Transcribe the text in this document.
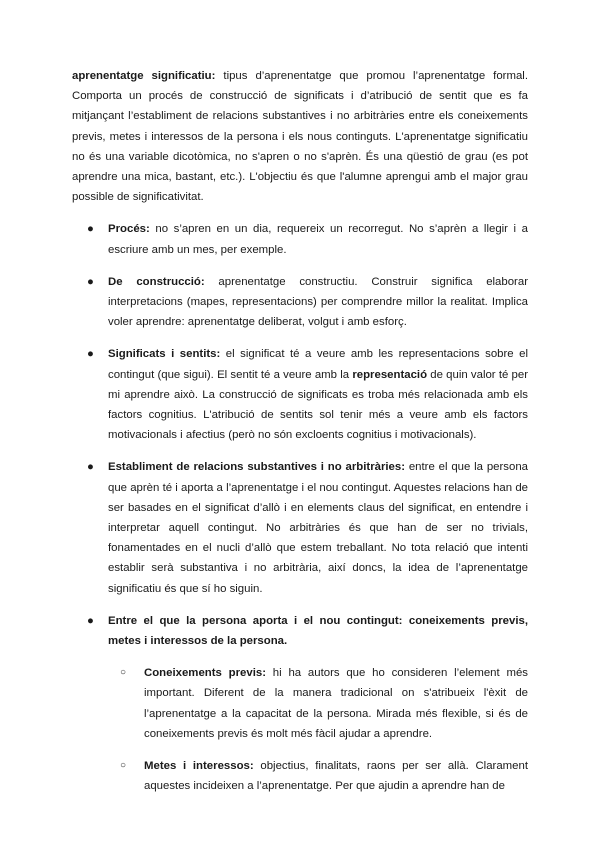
aprenentatge significatiu: tipus d’aprenentatge que promou l’aprenentatge formal. Comporta un procés de construcció de significats i d’atribució de sentit que es fa mitjançant l’establiment de relacions substantives i no arbitràries entre els coneixements previs, metes i interessos de la persona i els nous continguts. L'aprenentatge significatiu no és una variable dicotòmica, no s'apren o no s'aprèn. És una qüestió de grau (es pot aprendre una mica, bastant, etc.). L'objectiu és que l'alumne aprengui amb el major grau possible de significativitat.

● Procés: no s’apren en un dia, requereix un recorregut. No s’aprèn a llegir i a escriure amb un mes, per exemple.
● De construcció: aprenentatge constructiu. Construir significa elaborar interpretacions (mapes, representacions) per comprendre millor la realitat. Implica voler aprendre: aprenentatge deliberat, volgut i amb esforç.
● Significats i sentits: el significat té a veure amb les representacions sobre el contingut (que sigui). El sentit té a veure amb la representació de quin valor té per mi aprendre això. La construcció de significats es troba més relacionada amb els factors cognitius. L'atribució de sentits sol tenir més a veure amb els factors motivacionals i afectius (però no són excloents cognitius i motivacionals).
● Establiment de relacions substantives i no arbitràries: entre el que la persona que aprèn té i aporta a l’aprenentatge i el nou contingut. Aquestes relacions han de ser basades en el significat d’allò i en elements claus del significat, en entendre i interpretar aquell contingut. No arbitràries és que han de ser no trivials, fonamentades en el nucli d’allò que estem treballant. No tota relació que intenti establir serà substantiva i no arbitrària, així doncs, la idea de l’aprenentatge significatiu és que sí ho siguin.
● Entre el que la persona aporta i el nou contingut: coneixements previs, metes i interessos de la persona.
○ Coneixements previs: hi ha autors que ho consideren l’element més important. Diferent de la manera tradicional on s'atribueix l'èxit de l’aprenentatge a la capacitat de la persona. Mirada més flexible, si és de coneixements previs és molt més fàcil ajudar a aprendre.
○ Metes i interessos: objectius, finalitats, raons per ser allà. Clarament aquestes incideixen a l’aprenentatge. Per que ajudin a aprendre han de
